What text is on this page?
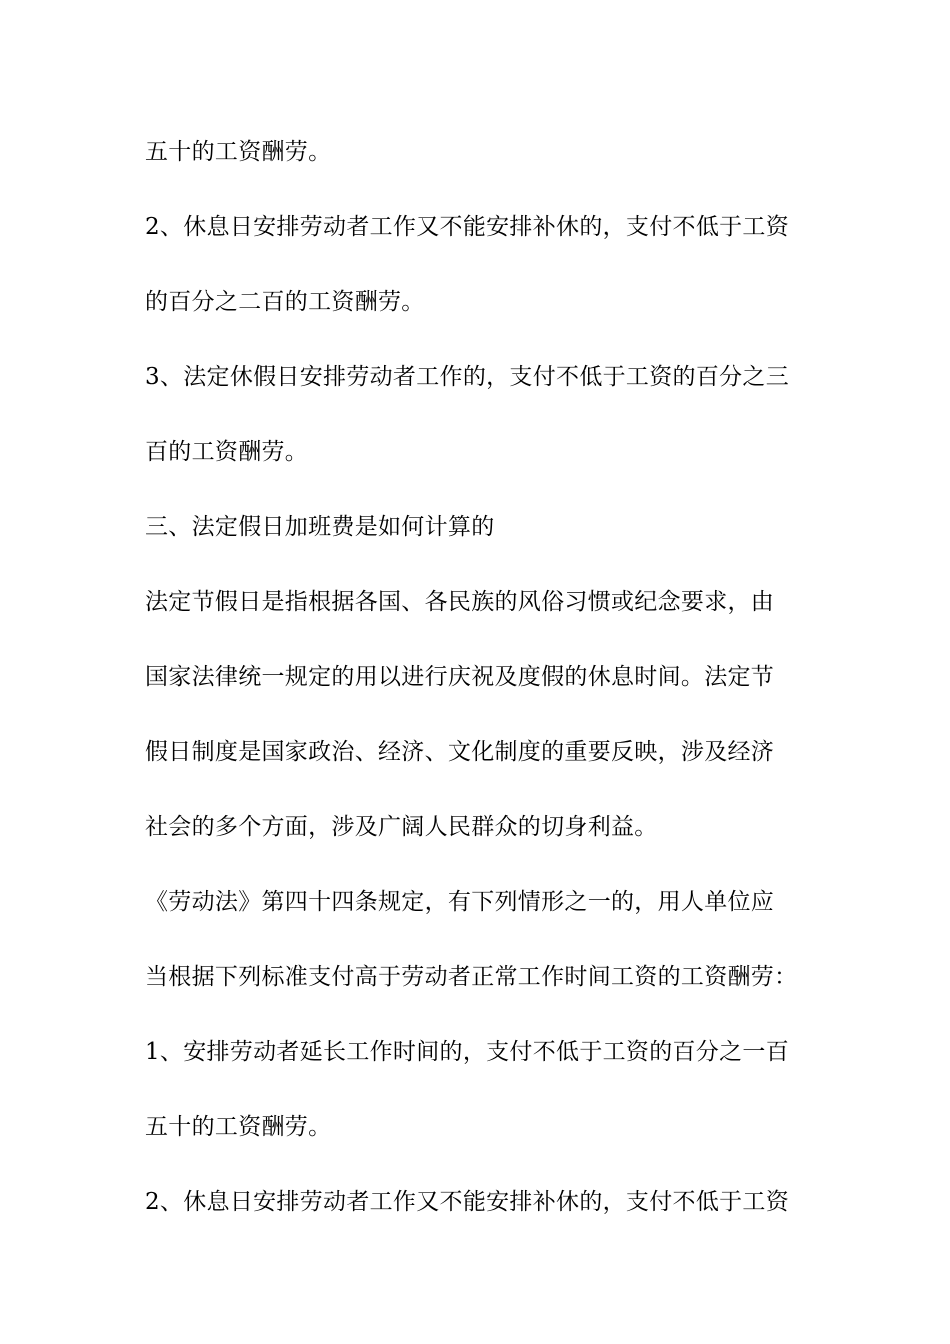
五十的工资酬劳。
2、休息日安排劳动者工作又不能安排补休的，支付不低于工资
的百分之二百的工资酬劳。
3、法定休假日安排劳动者工作的，支付不低于工资的百分之三
百的工资酬劳。
三、法定假日加班费是如何计算的
法定节假日是指根据各国、各民族的风俗习惯或纪念要求，由
国家法律统一规定的用以进行庆祝及度假的休息时间。法定节
假日制度是国家政治、经济、文化制度的重要反映，涉及经济
社会的多个方面，涉及广阔人民群众的切身利益。
《劳动法》第四十四条规定，有下列情形之一的，用人单位应
当根据下列标准支付高于劳动者正常工作时间工资的工资酬劳：
1、安排劳动者延长工作时间的，支付不低于工资的百分之一百
五十的工资酬劳。
2、休息日安排劳动者工作又不能安排补休的，支付不低于工资
